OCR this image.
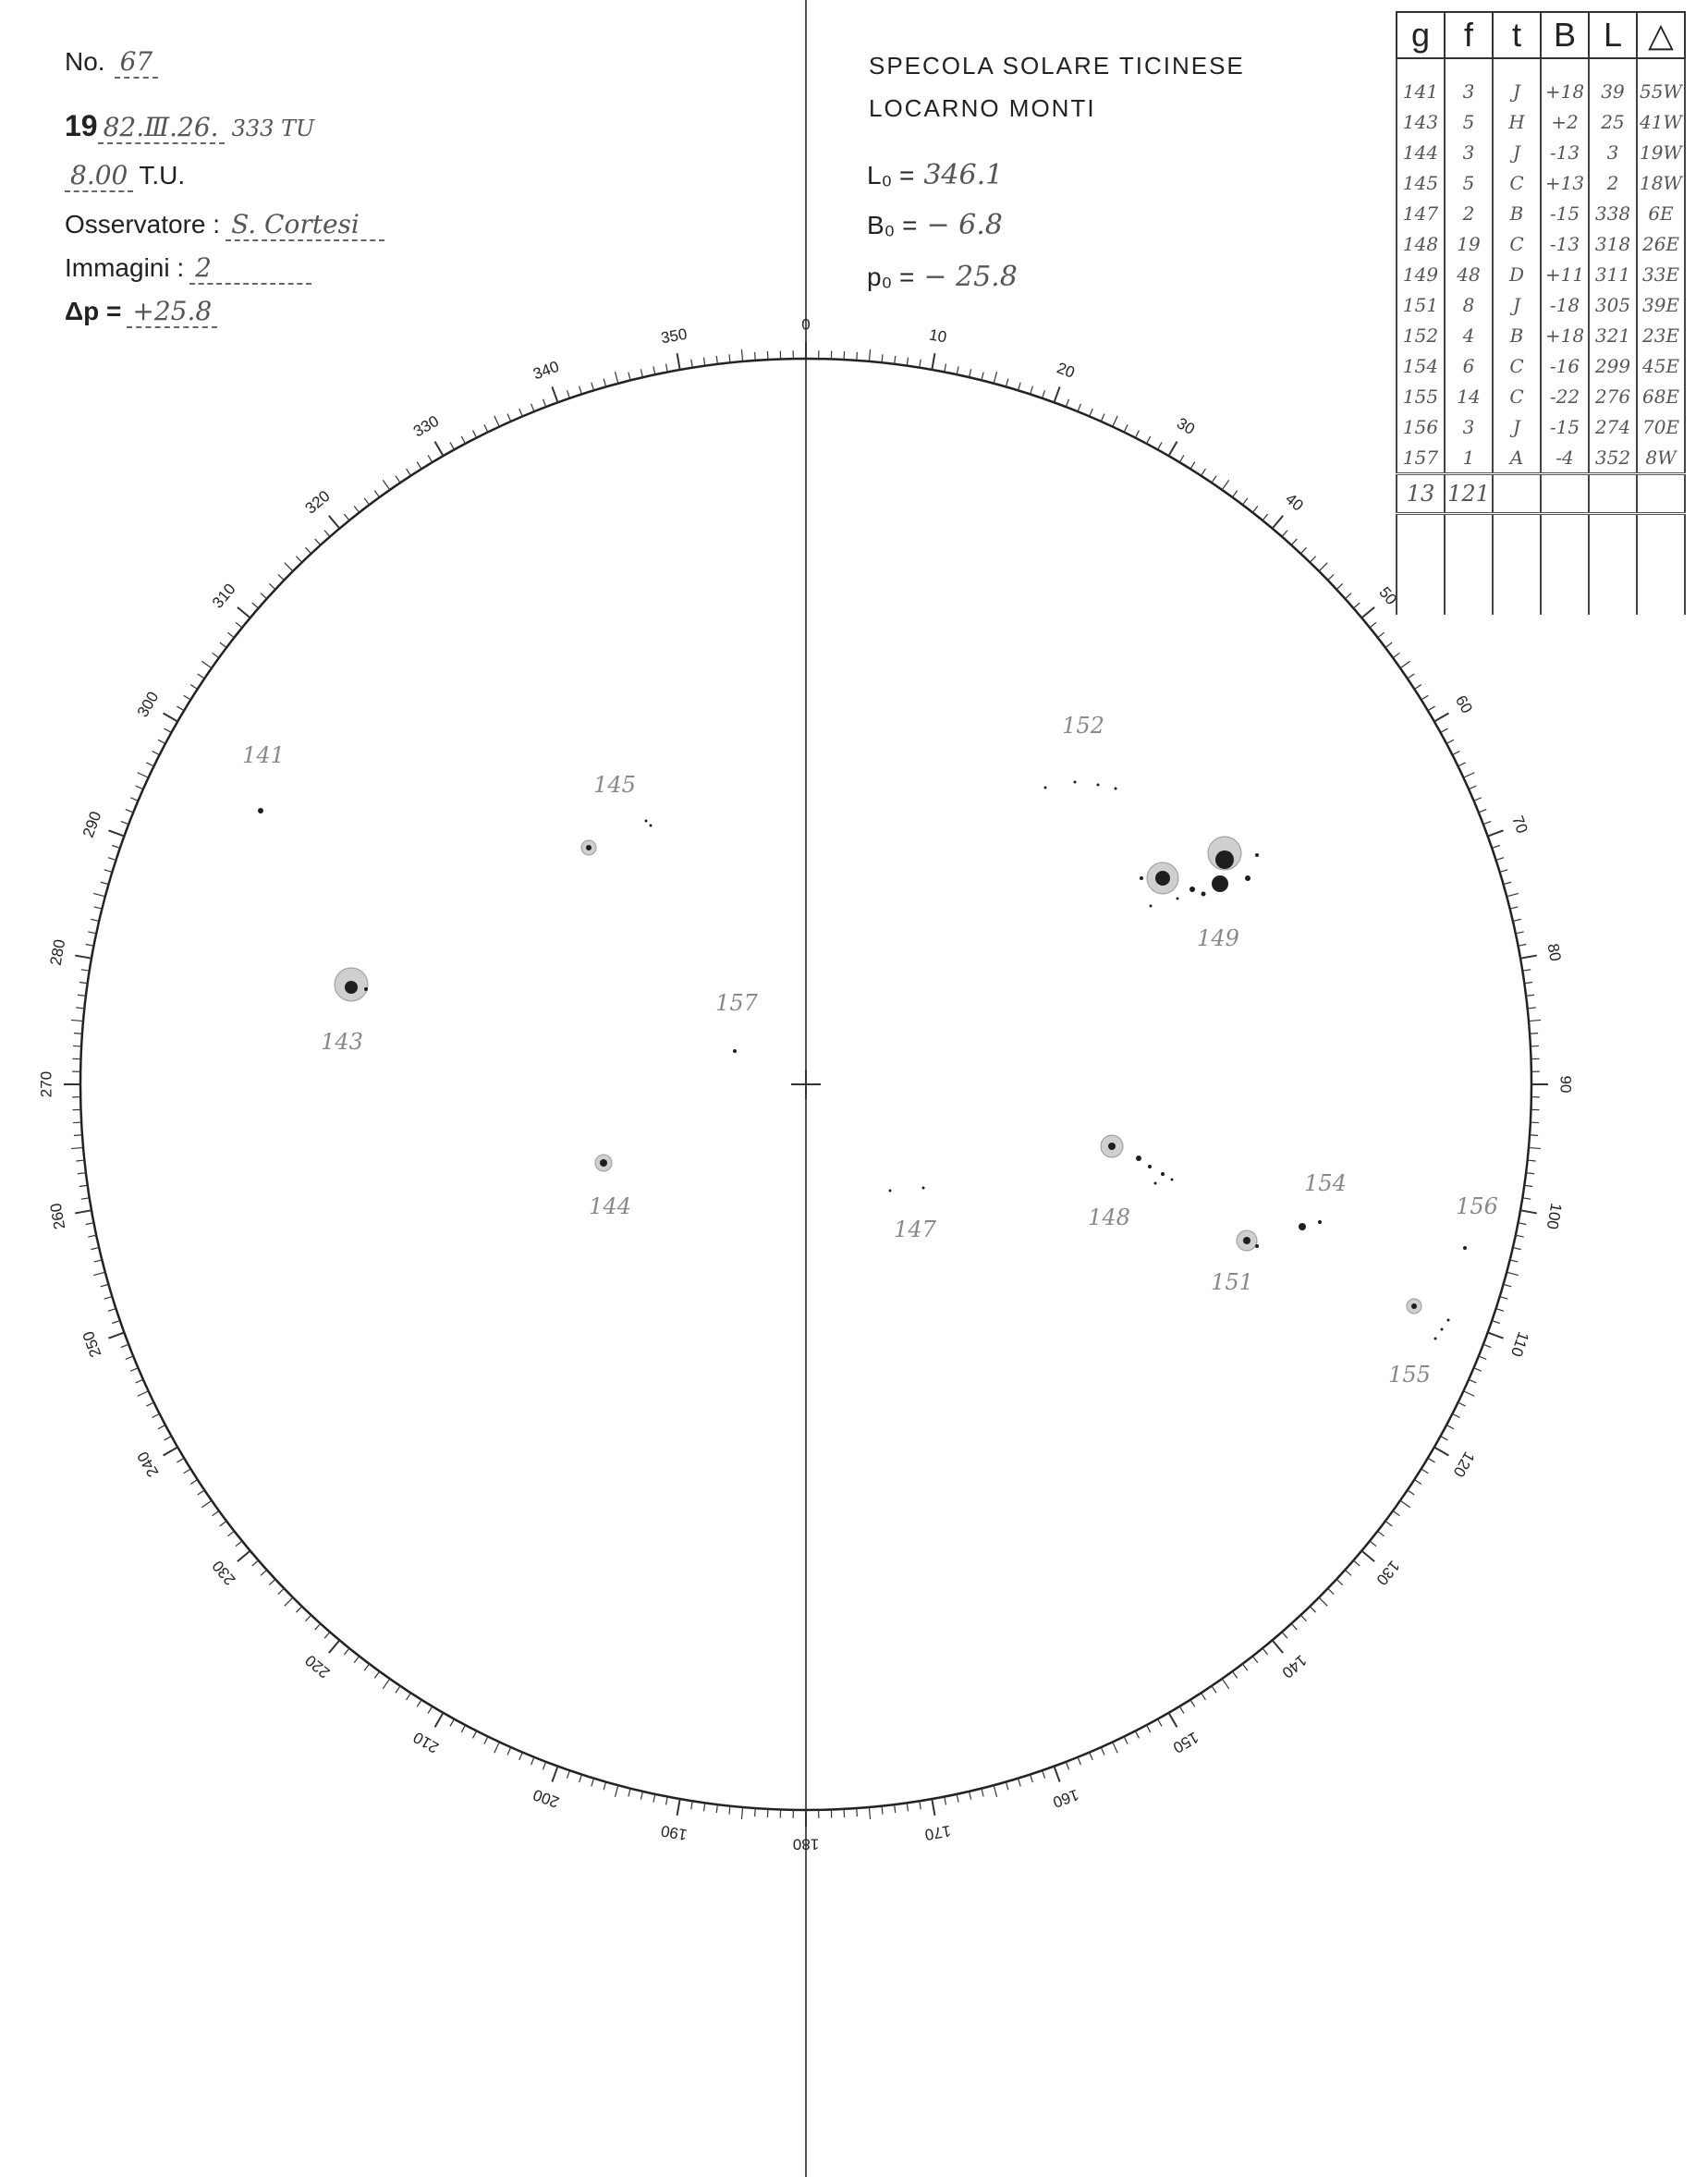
0
10
20
30
40
50
60
70
80
90
100
110
120
130
140
150
160
170
180
190
200
210
220
230
240
250
260
270
280
290
300
310
320
330
340
350
141
143
144
145
147	148
149
151
152
154
155
156
157
No. 67
19 82.Ⅲ.26. 333 TU
8.00 T.U.
Osservatore : S. Cortesi
Immagini : 2
Δp = +25.8
SPECOLA SOLARE TICINESE
LOCARNO MONTI
L₀ = 346.1
B₀ = − 6.8
p₀ = − 25.8
g	f	t	B	L	△
141	3	J	+18	39	55W
143	5	H	+2	25	41W
144	3	J	-13	3	19W
145	5	C	+13	2	18W
147	2	B	-15	338	6E
148	19	C	-13	318	26E
149	48	D	+11	311	33E
151	8	J	-18	305	39E
152	4	B	+18	321	23E
154	6	C	-16	299	45E
155	14	C	-22	276	68E
156	3	J	-15	274	70E
157	1	A	-4	352	8W
13	121				
